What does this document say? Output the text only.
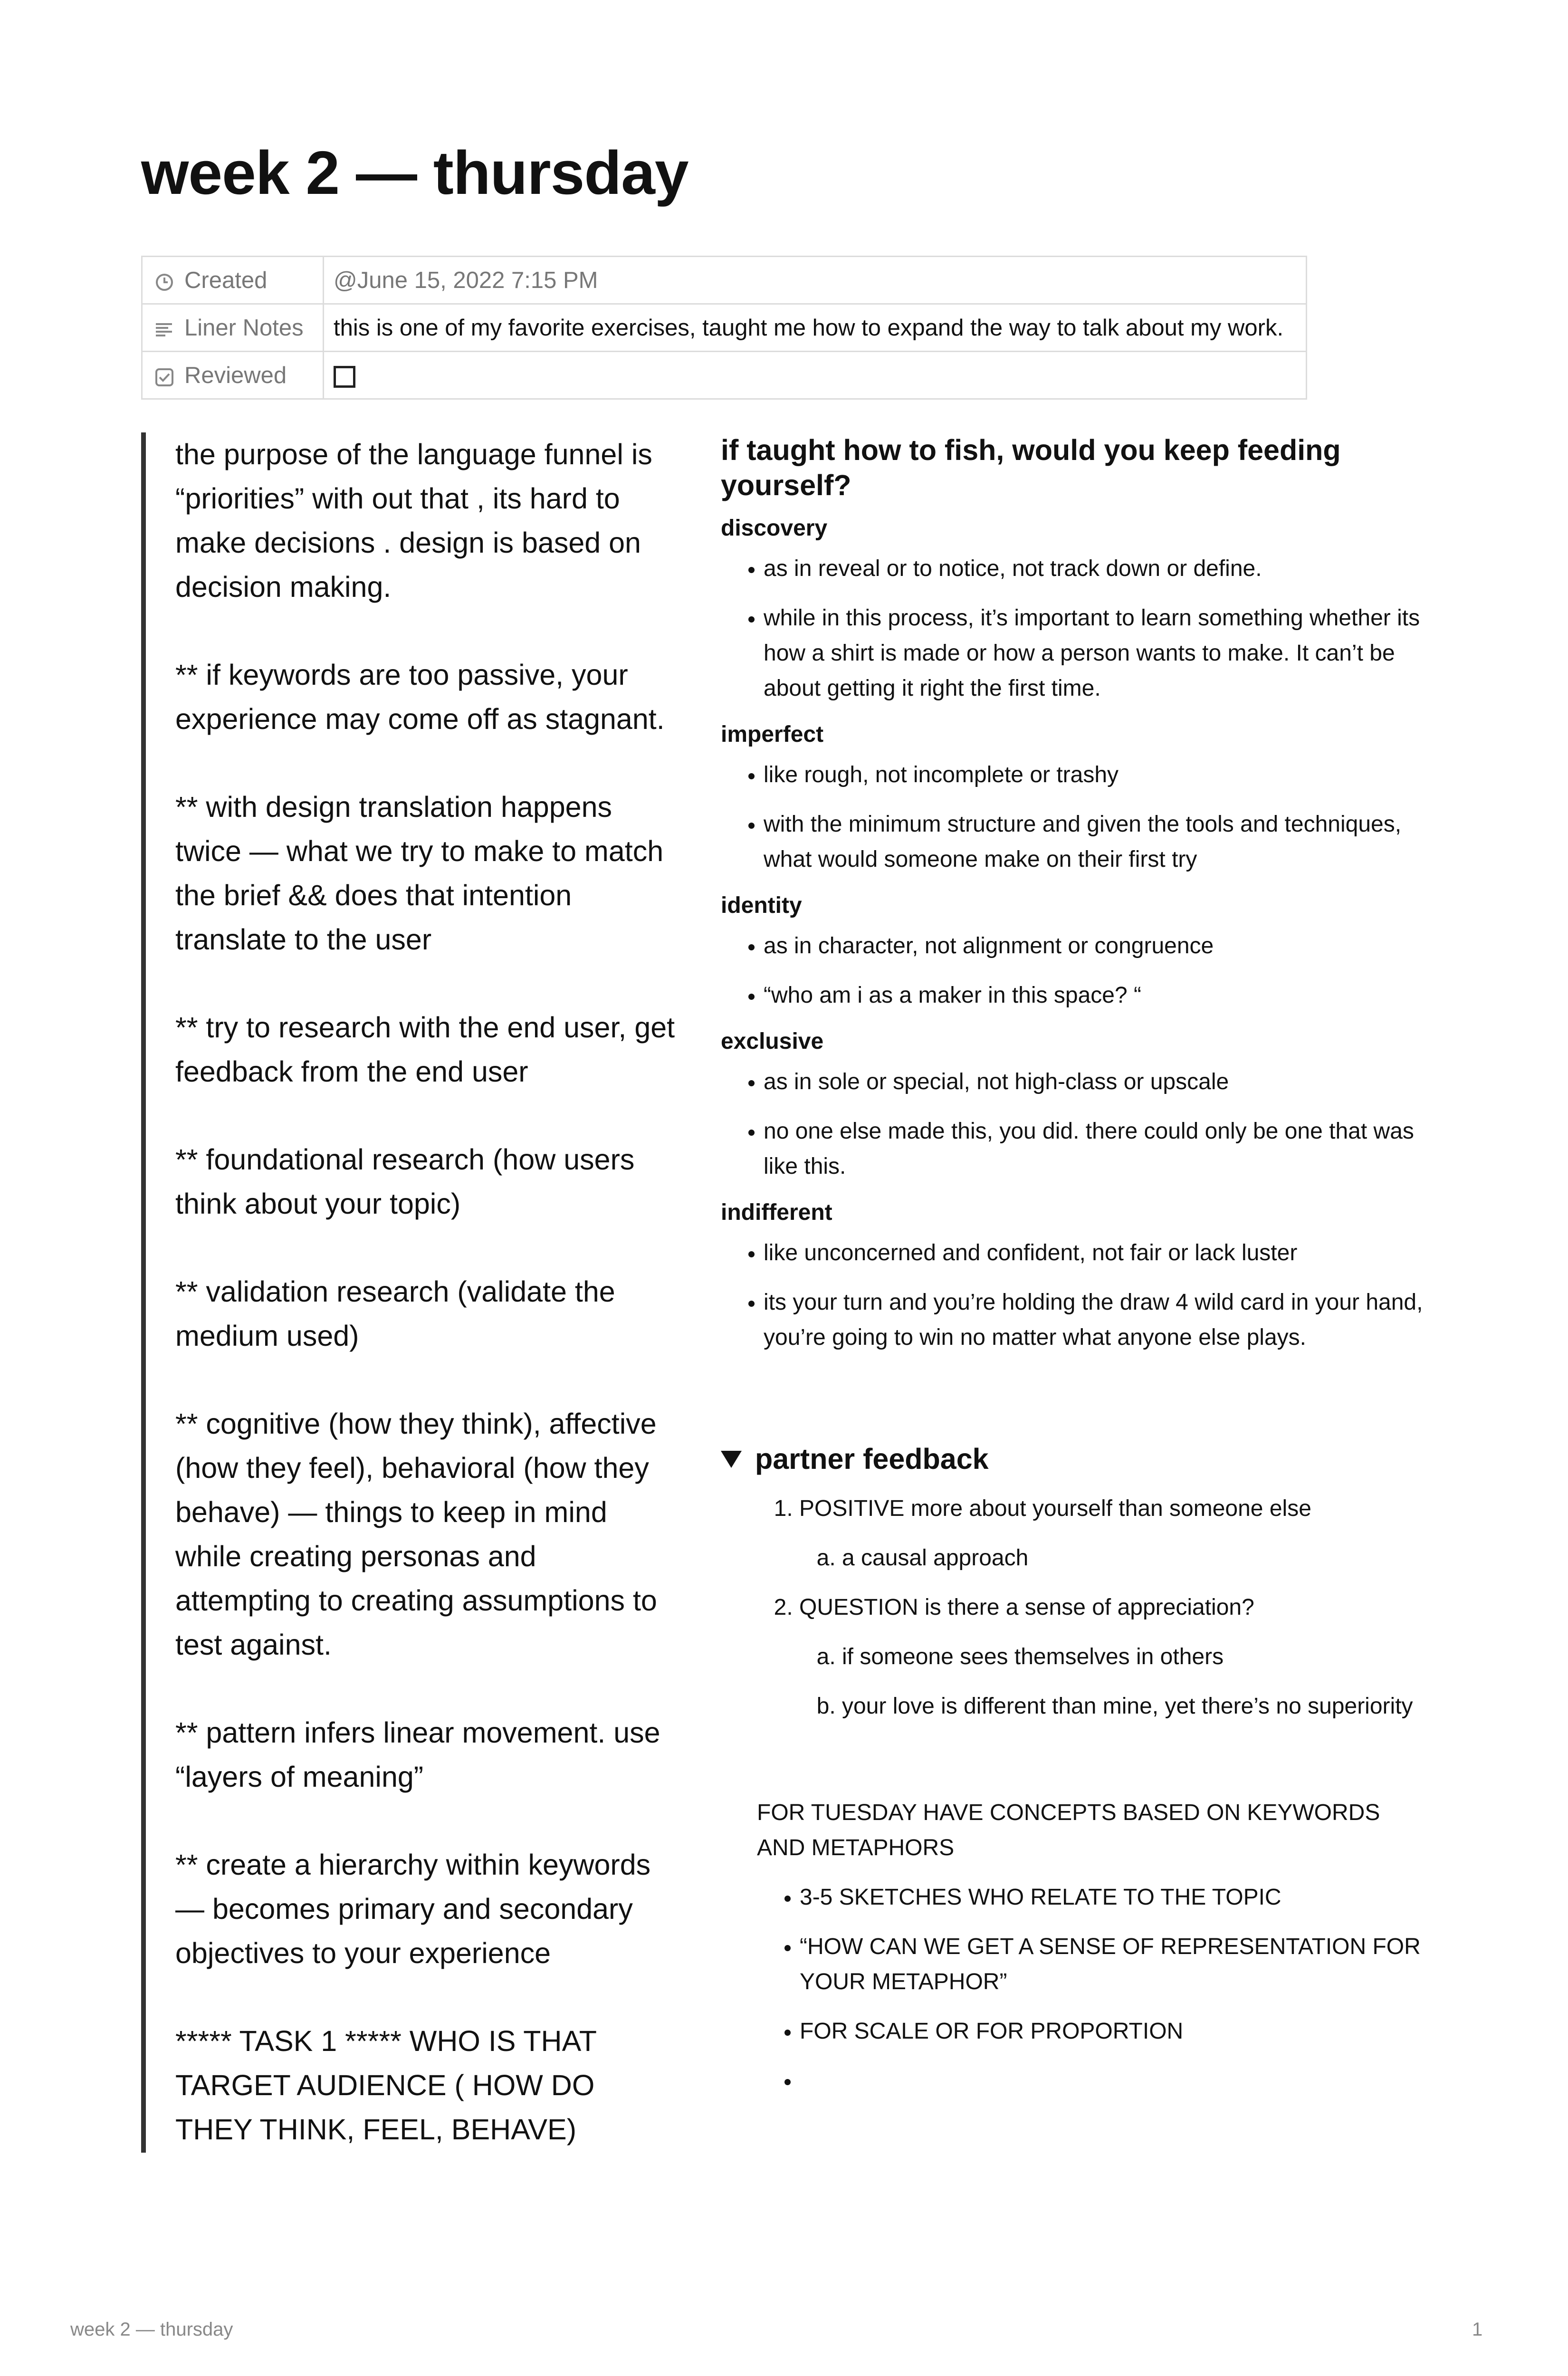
week 2 — thursday
Created	@June 15, 2022 7:15 PM
Liner Notes	this is one of my favorite exercises, taught me how to expand the way to talk about my work.
Reviewed	

the purpose of the language funnel is “priorities” with out that , its hard to make decisions . design is based on decision making.

** if keywords are too passive, your experience may come off as stagnant.

** with design translation happens twice — what we try to make to match the brief && does that intention translate to the user

** try to research with the end user, get feedback from the end user

** foundational research (how users think about your topic)

** validation research (validate the medium used)

** cognitive (how they think), affective (how they feel), behavioral (how they behave) — things to keep in mind while creating personas and attempting to creating assumptions to test against.

** pattern infers linear movement. use “layers of meaning”

** create a hierarchy within keywords — becomes primary and secondary objectives to your experience

***** TASK 1 ***** WHO IS THAT TARGET AUDIENCE ( HOW DO THEY THINK, FEEL, BEHAVE)

if taught how to fish, would you keep feeding yourself?
discovery
• as in reveal or to notice, not track down or define.
• while in this process, it’s important to learn something whether its how a shirt is made or how a person wants to make. It can’t be about getting it right the first time.
imperfect
• like rough, not incomplete or trashy
• with the minimum structure and given the tools and techniques, what would someone make on their first try
identity
• as in character, not alignment or congruence
• “who am i as a maker in this space? “
exclusive
• as in sole or special, not high-class or upscale
• no one else made this, you did. there could only be one that was like this.
indifferent
• like unconcerned and confident, not fair or lack luster
• its your turn and you’re holding the draw 4 wild card in your hand, you’re going to win no matter what anyone else plays.
partner feedback
1. POSITIVE more about yourself than someone else
a. a causal approach
2. QUESTION is there a sense of appreciation?
a. if someone sees themselves in others
b. your love is different than mine, yet there’s no superiority
FOR TUESDAY HAVE CONCEPTS BASED ON KEYWORDS AND METAPHORS
• 3-5 SKETCHES WHO RELATE TO THE TOPIC
• “HOW CAN WE GET A SENSE OF REPRESENTATION FOR YOUR METAPHOR”
• FOR SCALE OR FOR PROPORTION
•
week 2 — thursday	1
